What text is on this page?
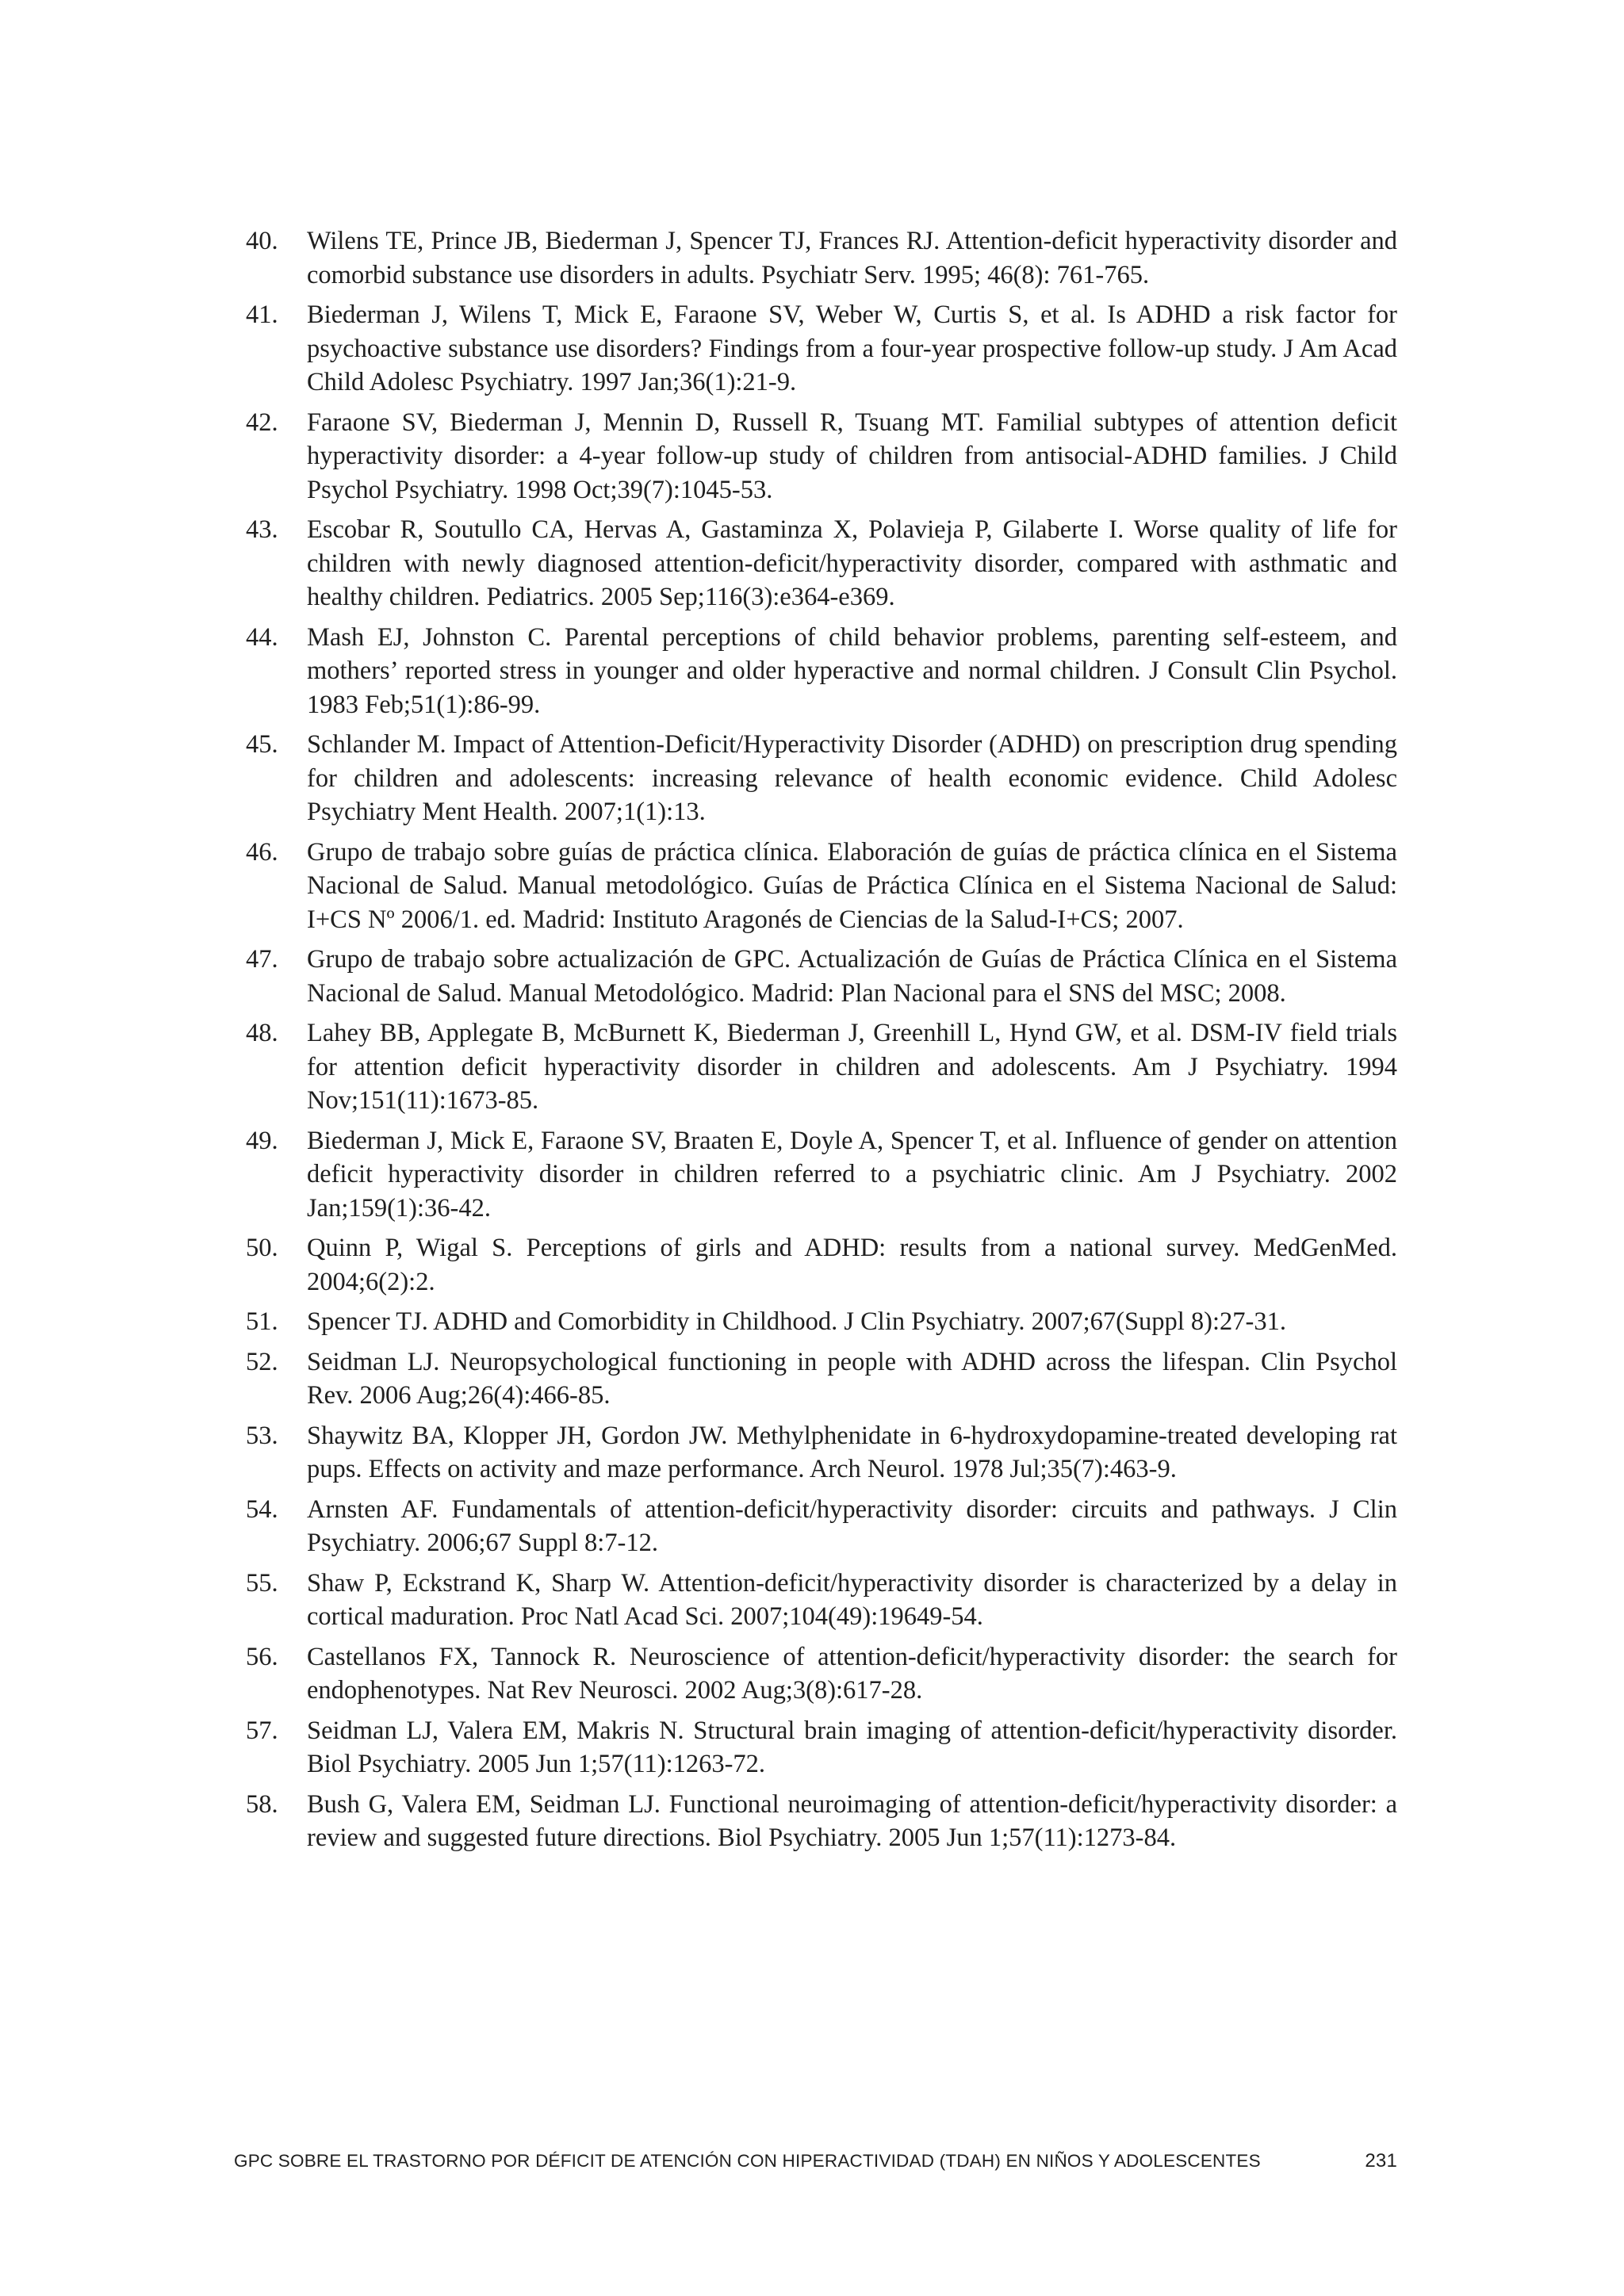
40.	Wilens TE, Prince JB, Biederman J, Spencer TJ, Frances RJ. Attention-deficit hyperactivity disorder and comorbid substance use disorders in adults. Psychiatr Serv. 1995; 46(8): 761-765.
41.	Biederman J, Wilens T, Mick E, Faraone SV, Weber W, Curtis S, et al. Is ADHD a risk factor for psychoactive substance use disorders? Findings from a four-year prospective follow-up study. J Am Acad Child Adolesc Psychiatry. 1997 Jan;36(1):21-9.
42.	Faraone SV, Biederman J, Mennin D, Russell R, Tsuang MT. Familial subtypes of attention deficit hyperactivity disorder: a 4-year follow-up study of children from antisocial-ADHD families. J Child Psychol Psychiatry. 1998 Oct;39(7):1045-53.
43.	Escobar R, Soutullo CA, Hervas A, Gastaminza X, Polavieja P, Gilaberte I. Worse quality of life for children with newly diagnosed attention-deficit/hyperactivity disorder, compared with asthmatic and healthy children. Pediatrics. 2005 Sep;116(3):e364-e369.
44.	Mash EJ, Johnston C. Parental perceptions of child behavior problems, parenting self-esteem, and mothers’ reported stress in younger and older hyperactive and normal children. J Consult Clin Psychol. 1983 Feb;51(1):86-99.
45.	Schlander M. Impact of Attention-Deficit/Hyperactivity Disorder (ADHD) on prescription drug spending for children and adolescents: increasing relevance of health economic evidence. Child Adolesc Psychiatry Ment Health. 2007;1(1):13.
46.	Grupo de trabajo sobre guías de práctica clínica. Elaboración de guías de práctica clínica en el Sistema Nacional de Salud. Manual metodológico. Guías de Práctica Clínica en el Sistema Nacional de Salud: I+CS Nº 2006/1. ed. Madrid: Instituto Aragonés de Ciencias de la Salud-I+CS; 2007.
47.	Grupo de trabajo sobre actualización de GPC. Actualización de Guías de Práctica Clínica en el Sistema Nacional de Salud. Manual Metodológico. Madrid: Plan Nacional para el SNS del MSC; 2008.
48.	Lahey BB, Applegate B, McBurnett K, Biederman J, Greenhill L, Hynd GW, et al. DSM-IV field trials for attention deficit hyperactivity disorder in children and adolescents. Am J Psychiatry. 1994 Nov;151(11):1673-85.
49.	Biederman J, Mick E, Faraone SV, Braaten E, Doyle A, Spencer T, et al. Influence of gender on attention deficit hyperactivity disorder in children referred to a psychiatric clinic. Am J Psychiatry. 2002 Jan;159(1):36-42.
50.	Quinn P, Wigal S. Perceptions of girls and ADHD: results from a national survey. MedGenMed. 2004;6(2):2.
51.	Spencer TJ. ADHD and Comorbidity in Childhood. J Clin Psychiatry. 2007;67(Suppl 8):27-31.
52.	Seidman LJ. Neuropsychological functioning in people with ADHD across the lifespan. Clin Psychol Rev. 2006 Aug;26(4):466-85.
53.	Shaywitz BA, Klopper JH, Gordon JW. Methylphenidate in 6-hydroxydopamine-treated developing rat pups. Effects on activity and maze performance. Arch Neurol. 1978 Jul;35(7):463-9.
54.	Arnsten AF. Fundamentals of attention-deficit/hyperactivity disorder: circuits and pathways. J Clin Psychiatry. 2006;67 Suppl 8:7-12.
55.	Shaw P, Eckstrand K, Sharp W. Attention-deficit/hyperactivity disorder is characterized by a delay in cortical maduration. Proc Natl Acad Sci. 2007;104(49):19649-54.
56.	Castellanos FX, Tannock R. Neuroscience of attention-deficit/hyperactivity disorder: the search for endophenotypes. Nat Rev Neurosci. 2002 Aug;3(8):617-28.
57.	Seidman LJ, Valera EM, Makris N. Structural brain imaging of attention-deficit/hyperactivity disorder. Biol Psychiatry. 2005 Jun 1;57(11):1263-72.
58.	Bush G, Valera EM, Seidman LJ. Functional neuroimaging of attention-deficit/hyperactivity disorder: a review and suggested future directions. Biol Psychiatry. 2005 Jun 1;57(11):1273-84.
GPC SOBRE EL TRASTORNO POR DÉFICIT DE ATENCIÓN CON HIPERACTIVIDAD (TDAH) EN NIÑOS Y ADOLESCENTES	231
